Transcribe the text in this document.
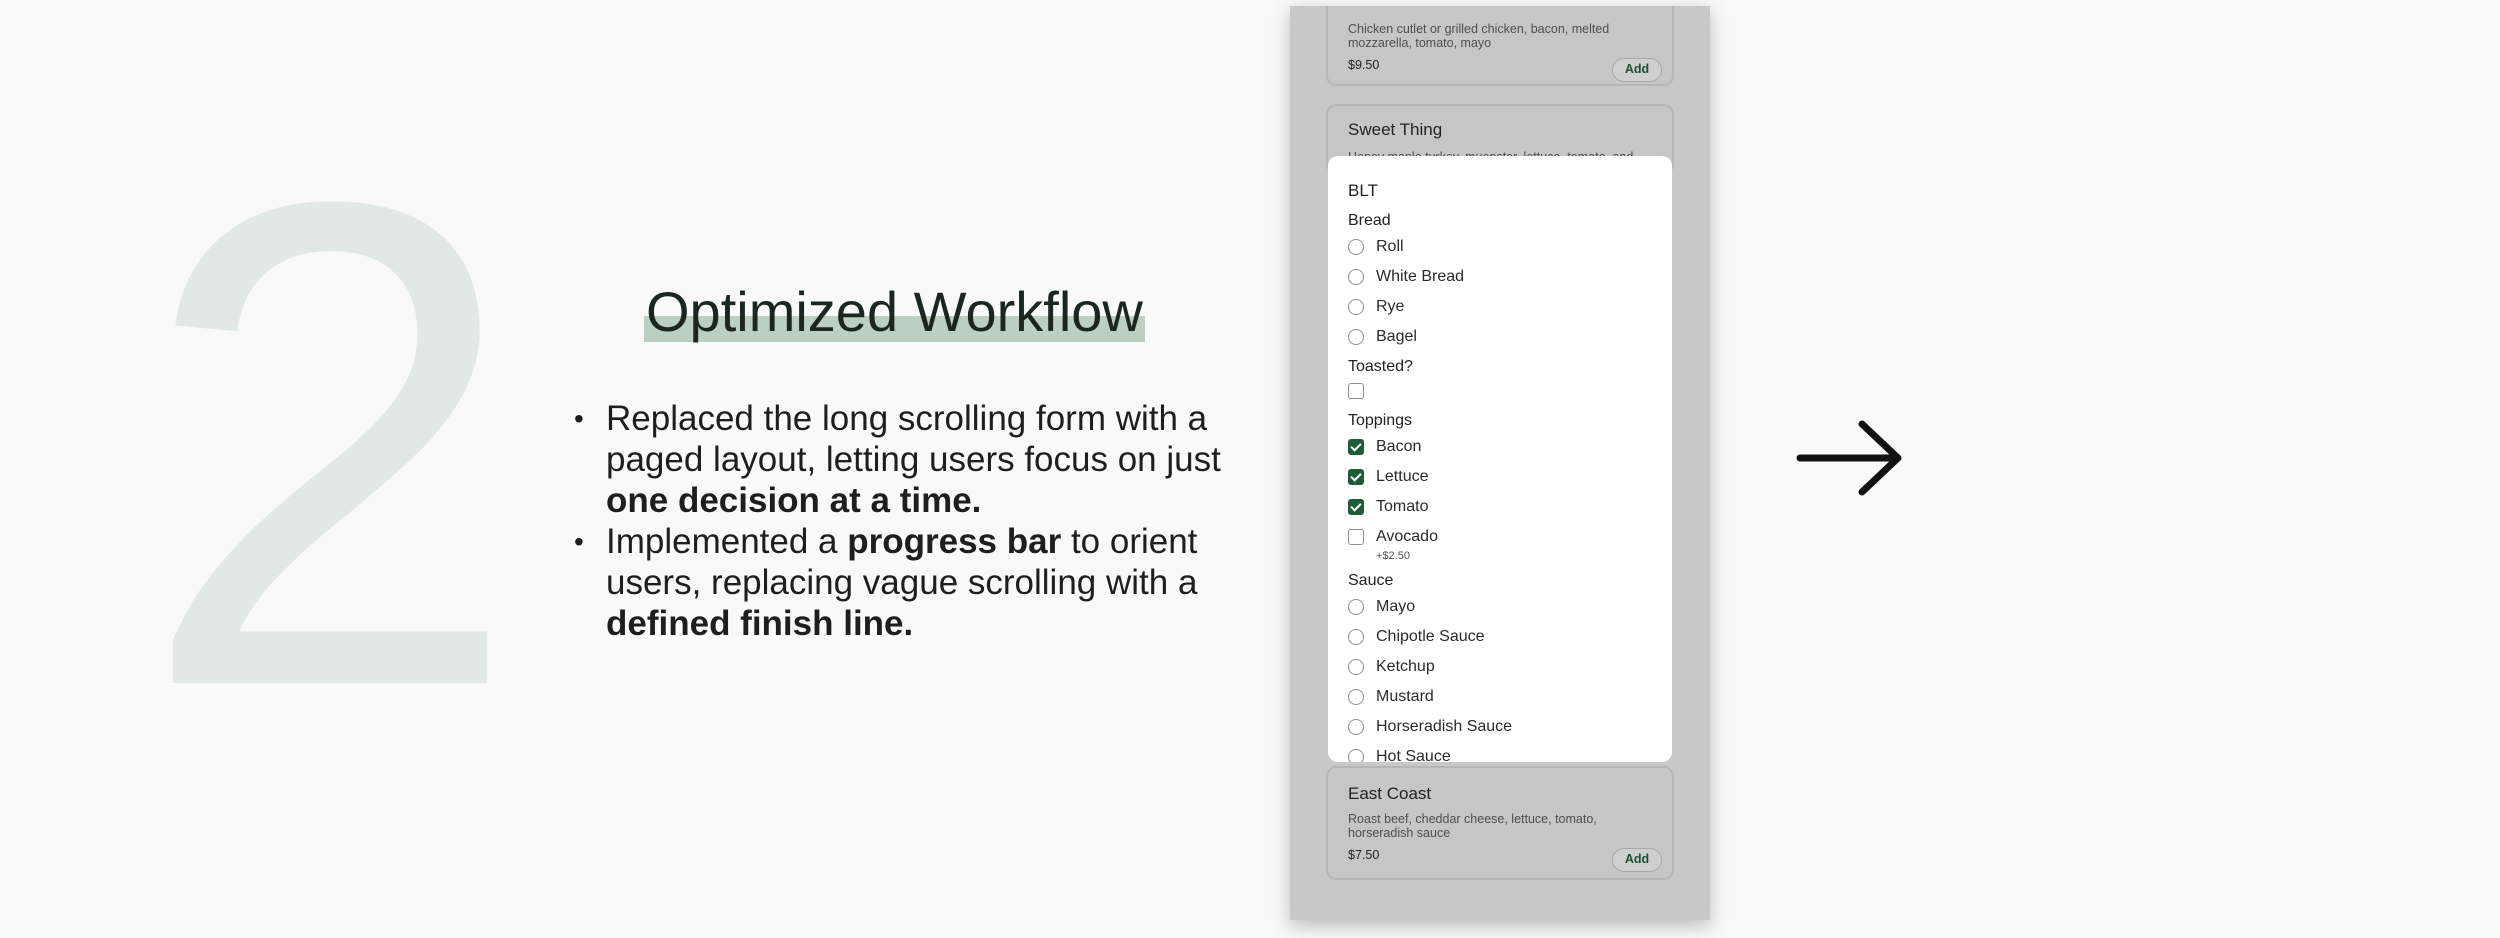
2 Optimized Workflow
• Replaced the long scrolling form with a paged layout, letting users focus on just one decision at a time.
• Implemented a progress bar to orient users, replacing vague scrolling with a defined finish line.
Chicken cutlet or grilled chicken, bacon, melted mozzarella, tomato, mayo
$9.50	Add
Sweet Thing
East Coast
Roast beef, cheddar cheese, lettuce, tomato, horseradish sauce
$7.50	Add
BLT
Bread
Roll
White Bread
Rye
Bagel
Toasted?
Toppings
Bacon
Lettuce
Tomato
Avocado
+$2.50
Sauce
Mayo
Chipotle Sauce
Ketchup
Mustard
Horseradish Sauce
Hot Sauce
